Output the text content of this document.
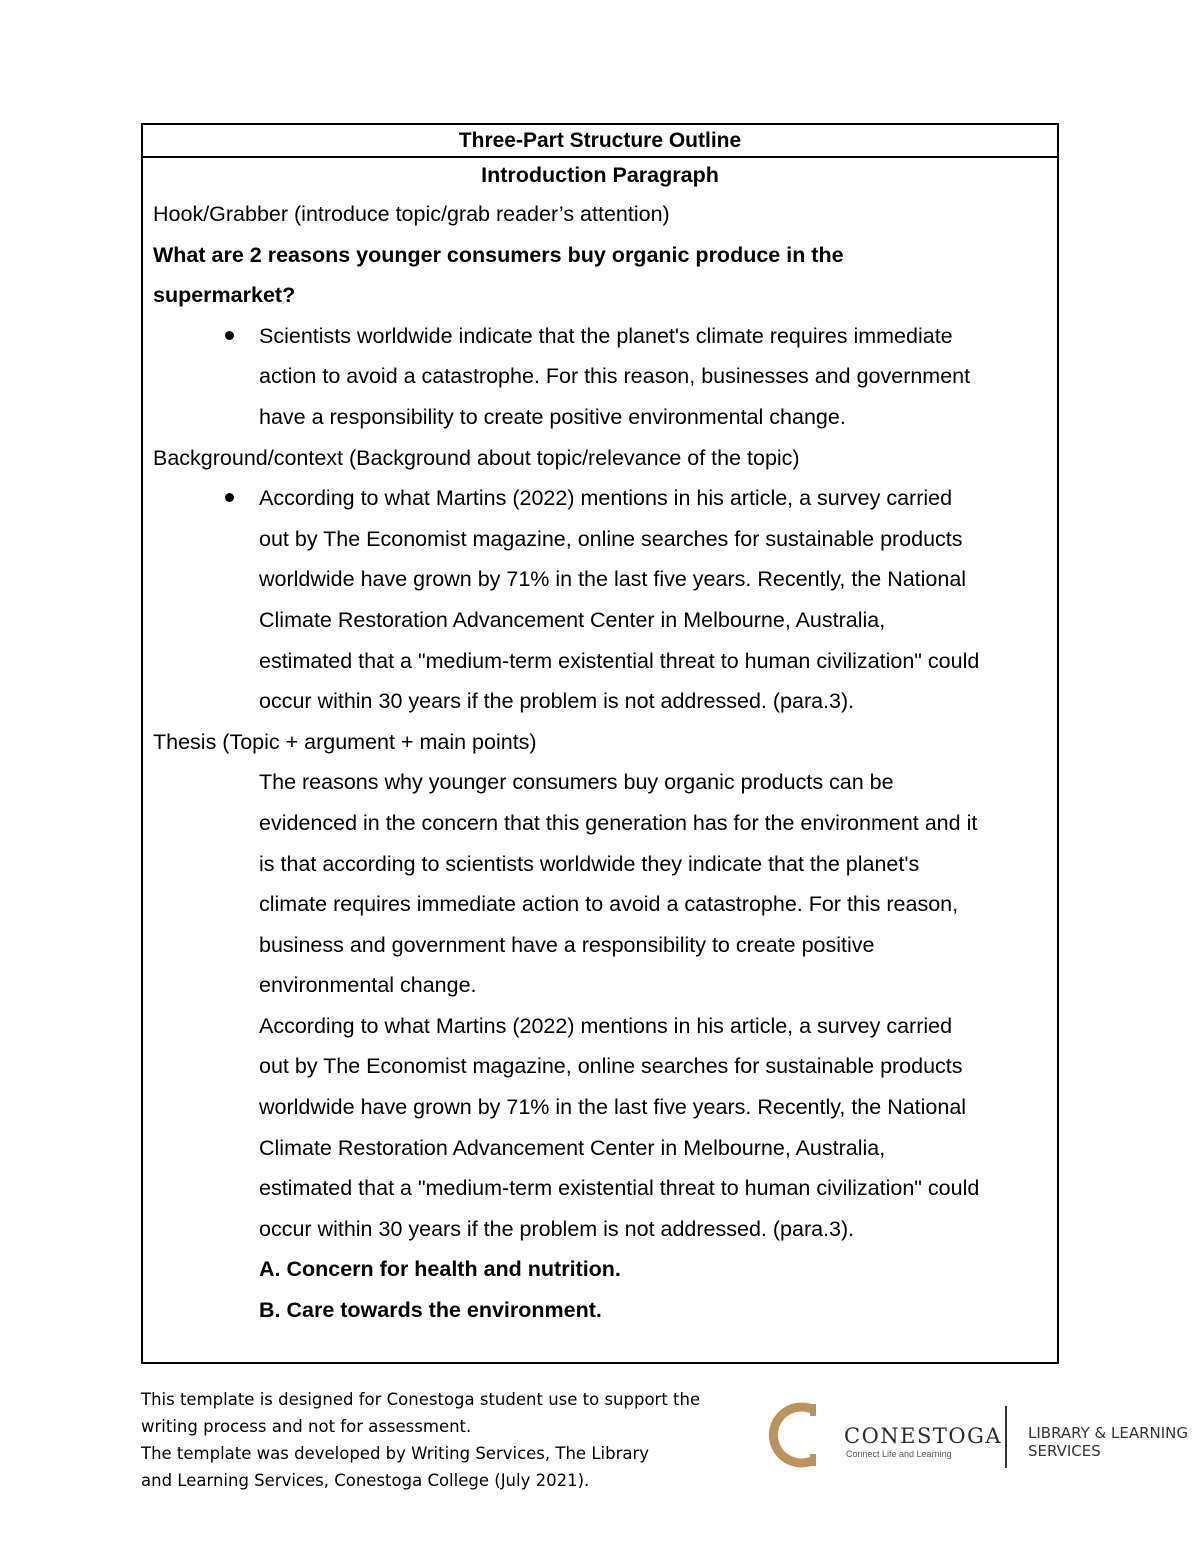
Three-Part Structure Outline
Introduction Paragraph

Hook/Grabber (introduce topic/grab reader’s attention)

What are 2 reasons younger consumers buy organic produce in the

supermarket?

Scientists worldwide indicate that the planet's climate requires immediate
action to avoid a catastrophe. For this reason, businesses and government
have a responsibility to create positive environmental change.

Background/context (Background about topic/relevance of the topic)

According to what Martins (2022) mentions in his article, a survey carried
out by The Economist magazine, online searches for sustainable products
worldwide have grown by 71% in the last five years. Recently, the National
Climate Restoration Advancement Center in Melbourne, Australia,
estimated that a "medium-term existential threat to human civilization" could
occur within 30 years if the problem is not addressed. (para.3).

Thesis (Topic + argument + main points)

The reasons why younger consumers buy organic products can be
evidenced in the concern that this generation has for the environment and it
is that according to scientists worldwide they indicate that the planet's
climate requires immediate action to avoid a catastrophe. For this reason,
business and government have a responsibility to create positive
environmental change.
According to what Martins (2022) mentions in his article, a survey carried
out by The Economist magazine, online searches for sustainable products
worldwide have grown by 71% in the last five years. Recently, the National
Climate Restoration Advancement Center in Melbourne, Australia,
estimated that a "medium-term existential threat to human civilization" could
occur within 30 years if the problem is not addressed. (para.3).

A. Concern for health and nutrition.

B. Care towards the environment.

This template is designed for Conestoga student use to support the

writing process and not for assessment.

The template was developed by Writing Services, The Library

and Learning Services, Conestoga College (July 2021).

CONESTOGA
Connect Life and Learning
LIBRARY & LEARNING
SERVICES
